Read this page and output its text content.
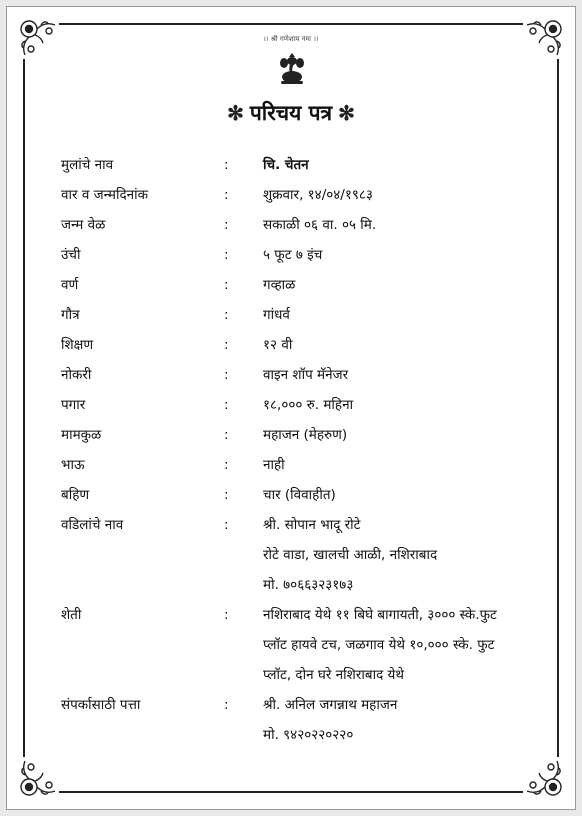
।। श्री गणेशाय नमः ।।
✻ परिचय पत्र ✻
मुलांचे नाव	:	चि. चेतन
वार व जन्मदिनांक	:	शुक्रवार, १४/०४/१९८३
जन्म वेळ	:	सकाळी ०६ वा. ०५ मि.
उंची	:	५ फूट ७ इंच
वर्ण	:	गव्हाळ
गौत्र	:	गांधर्व
शिक्षण	:	१२ वी
नोकरी	:	वाइन शॉप मॅनेजर
पगार	:	१८,००० रु. महिना
मामकुळ	:	महाजन (मेहरुण)
भाऊ	:	नाही
बहिण	:	चार (विवाहीत)
वडिलांचे नाव	:	श्री. सोपान भादू रोटे
रोटे वाडा, खालची आळी, नशिराबाद
मो. ७०६६३२३१७३
शेती	:	नशिराबाद येथे ११ बिघे बागायती, ३००० स्के.फुट
प्लॉट हायवे टच, जळगाव येथे १०,००० स्के. फुट
प्लॉट, दोन घरे नशिराबाद येथे
संपर्कासाठी पत्ता	:	श्री. अनिल जगन्नाथ महाजन
मो. ९४२०२२०२२०
